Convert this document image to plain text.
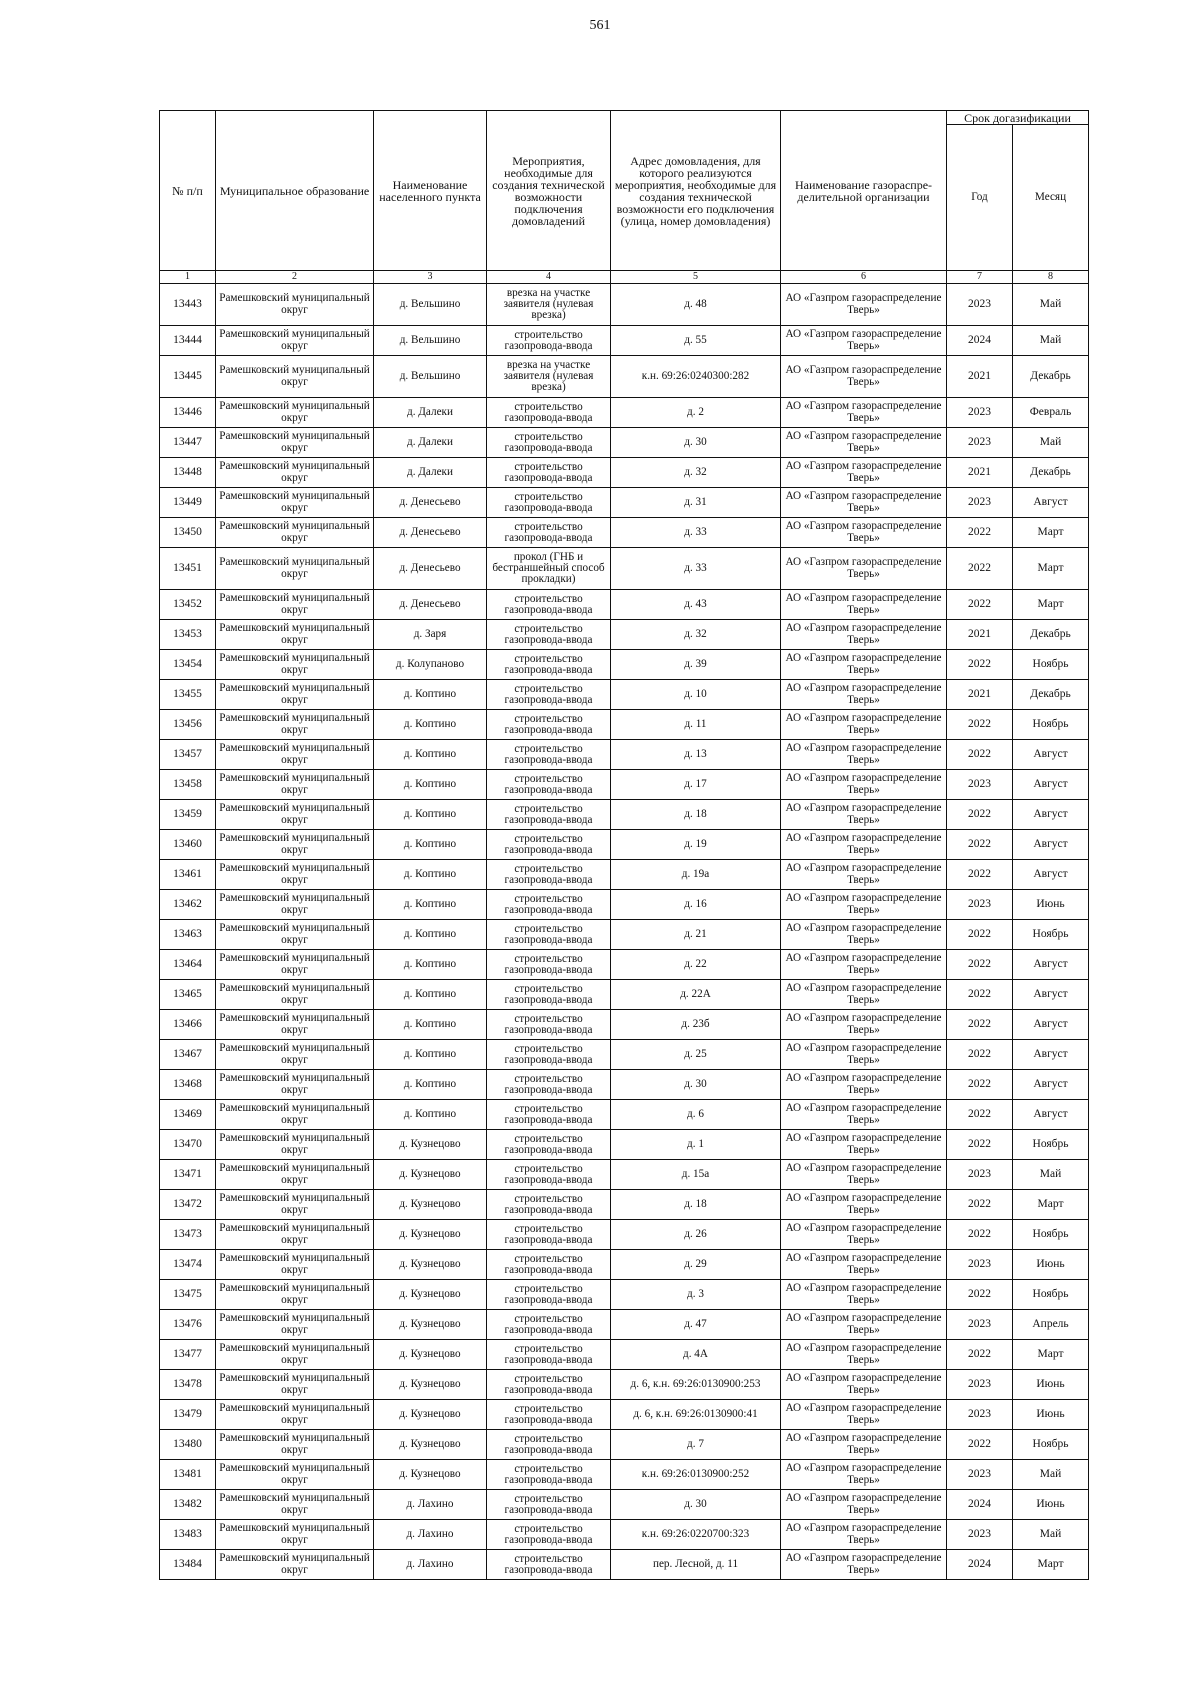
561
№ п/п	Муниципальное образование	Наименование населенного пункта	Мероприятия, необходимые для создания технической возможности подключения домовладений	Адрес домовладения, для которого реализуются мероприятия, необходимые для создания технической возможности его подключения (улица, номер домовладения)	Наименование газораспре-делительной организации	Срок догазификации	
						Год	Месяц
1	2	3	4	5	6	7	8
13443	Рамешковский муниципальный округ	д. Вельшино	врезка на участке заявителя (нулевая врезка)	д. 48	АО «Газпром газораспределение Тверь»	2023	Май
13444	Рамешковский муниципальный округ	д. Вельшино	строительство газопровода-ввода	д. 55	АО «Газпром газораспределение Тверь»	2024	Май
13445	Рамешковский муниципальный округ	д. Вельшино	врезка на участке заявителя (нулевая врезка)	к.н. 69:26:0240300:282	АО «Газпром газораспределение Тверь»	2021	Декабрь
13446	Рамешковский муниципальный округ	д. Далеки	строительство газопровода-ввода	д. 2	АО «Газпром газораспределение Тверь»	2023	Февраль
13447	Рамешковский муниципальный округ	д. Далеки	строительство газопровода-ввода	д. 30	АО «Газпром газораспределение Тверь»	2023	Май
13448	Рамешковский муниципальный округ	д. Далеки	строительство газопровода-ввода	д. 32	АО «Газпром газораспределение Тверь»	2021	Декабрь
13449	Рамешковский муниципальный округ	д. Денесьево	строительство газопровода-ввода	д. 31	АО «Газпром газораспределение Тверь»	2023	Август
13450	Рамешковский муниципальный округ	д. Денесьево	строительство газопровода-ввода	д. 33	АО «Газпром газораспределение Тверь»	2022	Март
13451	Рамешковский муниципальный округ	д. Денесьево	прокол (ГНБ и бестраншейный способ прокладки)	д. 33	АО «Газпром газораспределение Тверь»	2022	Март
13452	Рамешковский муниципальный округ	д. Денесьево	строительство газопровода-ввода	д. 43	АО «Газпром газораспределение Тверь»	2022	Март
13453	Рамешковский муниципальный округ	д. Заря	строительство газопровода-ввода	д. 32	АО «Газпром газораспределение Тверь»	2021	Декабрь
13454	Рамешковский муниципальный округ	д. Колупаново	строительство газопровода-ввода	д. 39	АО «Газпром газораспределение Тверь»	2022	Ноябрь
13455	Рамешковский муниципальный округ	д. Коптино	строительство газопровода-ввода	д. 10	АО «Газпром газораспределение Тверь»	2021	Декабрь
13456	Рамешковский муниципальный округ	д. Коптино	строительство газопровода-ввода	д. 11	АО «Газпром газораспределение Тверь»	2022	Ноябрь
13457	Рамешковский муниципальный округ	д. Коптино	строительство газопровода-ввода	д. 13	АО «Газпром газораспределение Тверь»	2022	Август
13458	Рамешковский муниципальный округ	д. Коптино	строительство газопровода-ввода	д. 17	АО «Газпром газораспределение Тверь»	2023	Август
13459	Рамешковский муниципальный округ	д. Коптино	строительство газопровода-ввода	д. 18	АО «Газпром газораспределение Тверь»	2022	Август
13460	Рамешковский муниципальный округ	д. Коптино	строительство газопровода-ввода	д. 19	АО «Газпром газораспределение Тверь»	2022	Август
13461	Рамешковский муниципальный округ	д. Коптино	строительство газопровода-ввода	д. 19а	АО «Газпром газораспределение Тверь»	2022	Август
13462	Рамешковский муниципальный округ	д. Коптино	строительство газопровода-ввода	д. 16	АО «Газпром газораспределение Тверь»	2023	Июнь
13463	Рамешковский муниципальный округ	д. Коптино	строительство газопровода-ввода	д. 21	АО «Газпром газораспределение Тверь»	2022	Ноябрь
13464	Рамешковский муниципальный округ	д. Коптино	строительство газопровода-ввода	д. 22	АО «Газпром газораспределение Тверь»	2022	Август
13465	Рамешковский муниципальный округ	д. Коптино	строительство газопровода-ввода	д. 22А	АО «Газпром газораспределение Тверь»	2022	Август
13466	Рамешковский муниципальный округ	д. Коптино	строительство газопровода-ввода	д. 23б	АО «Газпром газораспределение Тверь»	2022	Август
13467	Рамешковский муниципальный округ	д. Коптино	строительство газопровода-ввода	д. 25	АО «Газпром газораспределение Тверь»	2022	Август
13468	Рамешковский муниципальный округ	д. Коптино	строительство газопровода-ввода	д. 30	АО «Газпром газораспределение Тверь»	2022	Август
13469	Рамешковский муниципальный округ	д. Коптино	строительство газопровода-ввода	д. 6	АО «Газпром газораспределение Тверь»	2022	Август
13470	Рамешковский муниципальный округ	д. Кузнецово	строительство газопровода-ввода	д. 1	АО «Газпром газораспределение Тверь»	2022	Ноябрь
13471	Рамешковский муниципальный округ	д. Кузнецово	строительство газопровода-ввода	д. 15а	АО «Газпром газораспределение Тверь»	2023	Май
13472	Рамешковский муниципальный округ	д. Кузнецово	строительство газопровода-ввода	д. 18	АО «Газпром газораспределение Тверь»	2022	Март
13473	Рамешковский муниципальный округ	д. Кузнецово	строительство газопровода-ввода	д. 26	АО «Газпром газораспределение Тверь»	2022	Ноябрь
13474	Рамешковский муниципальный округ	д. Кузнецово	строительство газопровода-ввода	д. 29	АО «Газпром газораспределение Тверь»	2023	Июнь
13475	Рамешковский муниципальный округ	д. Кузнецово	строительство газопровода-ввода	д. 3	АО «Газпром газораспределение Тверь»	2022	Ноябрь
13476	Рамешковский муниципальный округ	д. Кузнецово	строительство газопровода-ввода	д. 47	АО «Газпром газораспределение Тверь»	2023	Апрель
13477	Рамешковский муниципальный округ	д. Кузнецово	строительство газопровода-ввода	д. 4А	АО «Газпром газораспределение Тверь»	2022	Март
13478	Рамешковский муниципальный округ	д. Кузнецово	строительство газопровода-ввода	д. 6, к.н. 69:26:0130900:253	АО «Газпром газораспределение Тверь»	2023	Июнь
13479	Рамешковский муниципальный округ	д. Кузнецово	строительство газопровода-ввода	д. 6, к.н. 69:26:0130900:41	АО «Газпром газораспределение Тверь»	2023	Июнь
13480	Рамешковский муниципальный округ	д. Кузнецово	строительство газопровода-ввода	д. 7	АО «Газпром газораспределение Тверь»	2022	Ноябрь
13481	Рамешковский муниципальный округ	д. Кузнецово	строительство газопровода-ввода	к.н. 69:26:0130900:252	АО «Газпром газораспределение Тверь»	2023	Май
13482	Рамешковский муниципальный округ	д. Лахино	строительство газопровода-ввода	д. 30	АО «Газпром газораспределение Тверь»	2024	Июнь
13483	Рамешковский муниципальный округ	д. Лахино	строительство газопровода-ввода	к.н. 69:26:0220700:323	АО «Газпром газораспределение Тверь»	2023	Май
13484	Рамешковский муниципальный округ	д. Лахино	строительство газопровода-ввода	пер. Лесной, д. 11	АО «Газпром газораспределение Тверь»	2024	Март
